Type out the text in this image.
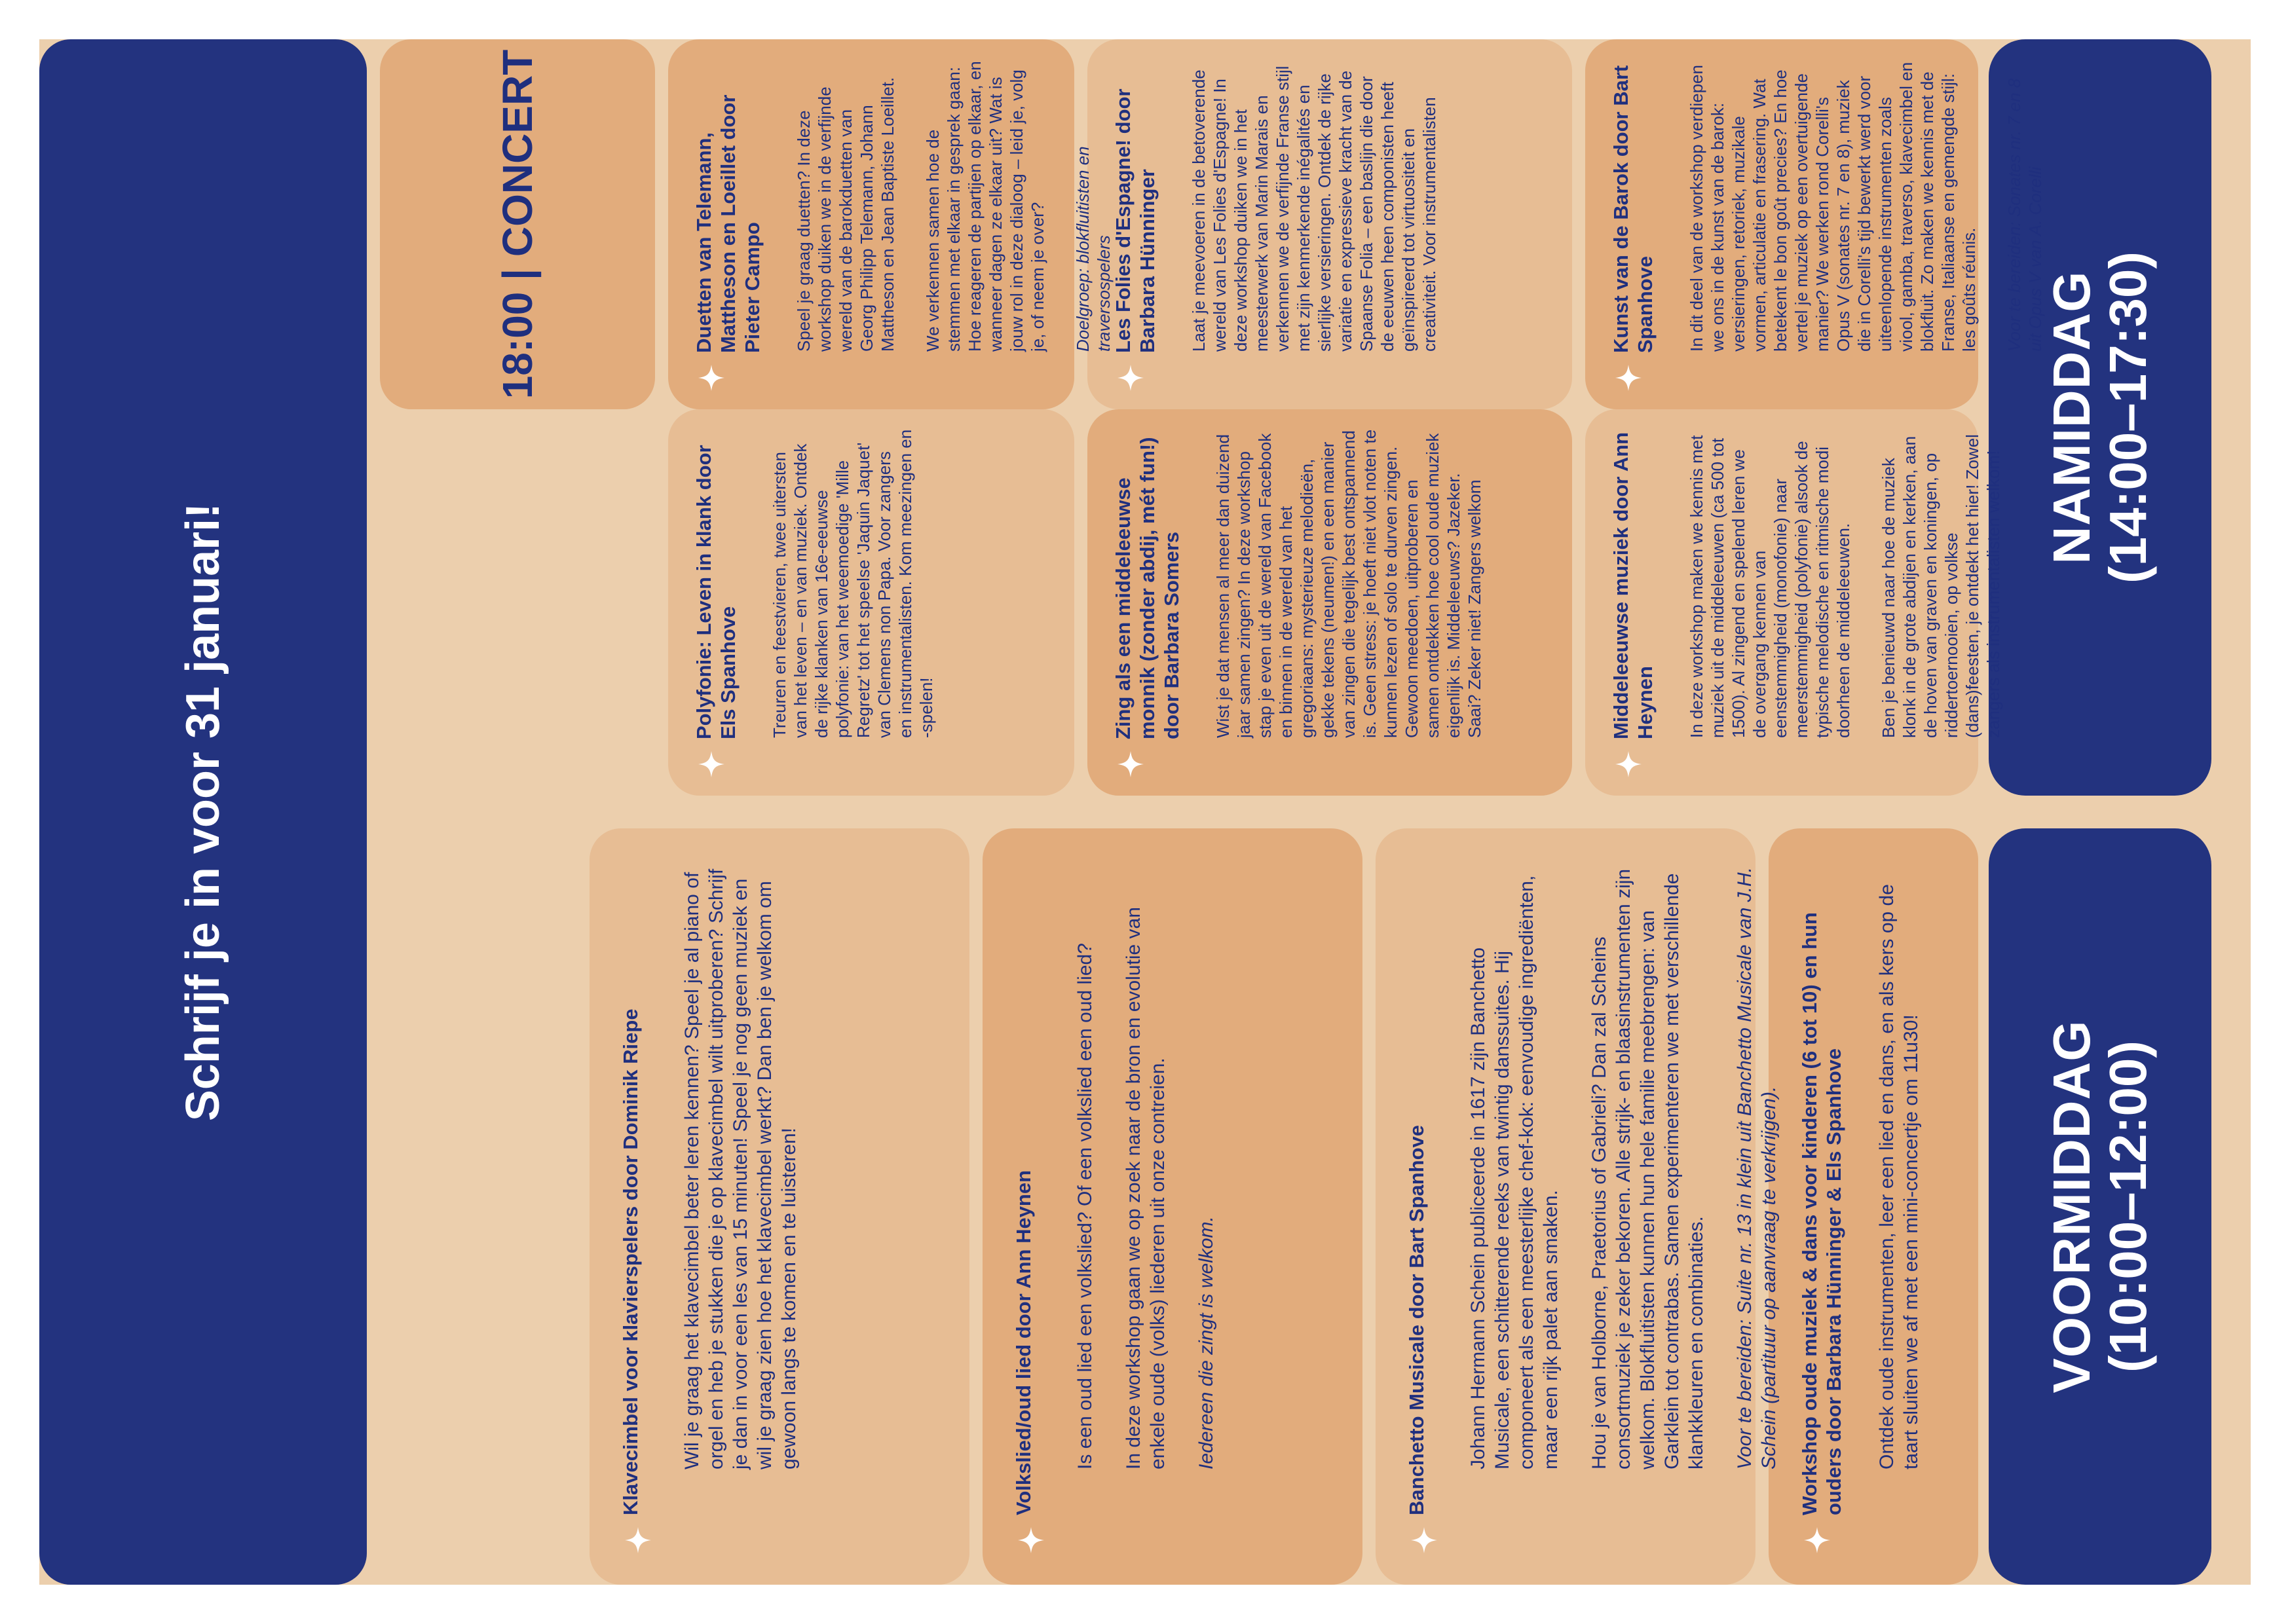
VOORMIDDAG
(10:00–12:00)
Workshop oude muziek & dans voor kinderen (6 tot 10) en hun ouders door Barbara Hünninger & Els Spanhove Ontdek oude instrumenten, leer een lied en dans, en als kers op de taart sluiten we af met een mini-concertje om 11u30!

Banchetto Musicale door Bart Spanhove Johann Hermann Schein publiceerde in 1617 zijn Banchetto Musicale, een schitterende reeks van twintig danssuites. Hij componeert als een meesterlijke chef-kok: eenvoudige ingrediënten, maar een rijk palet aan smaken. Hou je van Holborne, Praetorius of Gabrieli? Dan zal Scheins consortmuziek je zeker bekoren. Alle strijk- en blaasinstrumenten zijn welkom. Blokfluitisten kunnen hun hele familie meebrengen: van Garklein tot contrabas. Samen experimenteren we met verschillende klankkleuren en combinaties. Voor te bereiden: Suite nr. 13 in klein uit Banchetto Musicale van J.H. Schein (partituur op aanvraag te verkrijgen).

Volkslied/oud lied door Ann Heynen Is een oud lied een volkslied? Of een volkslied een oud lied? In deze workshop gaan we op zoek naar de bron en evolutie van enkele oude (volks) liederen uit onze contreien. Iedereen die zingt is welkom.

Klavecimbel voor klavierspelers door Dominik Riepe Wil je graag het klavecimbel beter leren kennen? Speel je al piano of orgel en heb je stukken die je op klavecimbel wilt uitproberen? Schrijf je dan in voor een les van 15 minuten! Speel je nog geen muziek en wil je graag zien hoe het klavecimbel werkt? Dan ben je welkom om gewoon langs te komen en te luisteren!

NAMIDDAG
(14:00–17:30)
Middeleeuwse muziek door Ann Heynen In deze workshop maken we kennis met muziek uit de middeleeuwen (ca 500 tot 1500). Al zingend en spelend leren we de overgang kennen van eenstemmigheid (monofonie) naar meerstemmigheid (polyfonie) alsook de typische melodische en ritmische modi doorheen de middeleeuwen. Ben je benieuwd naar hoe de muziek klonk in de grote abdijen en kerken, aan de hoven van graven en koningen, op riddertoernooien, op volkse (dans)feesten, je ontdekt het hier! Zowel zangers als instrumentalisten welkom!

Kunst van de Barok door Bart Spanhove In dit deel van de workshop verdiepen we ons in de kunst van de barok: versieringen, retoriek, muzikale vormen, articulatie en frasering. Wat betekent le bon goût precies? En hoe vertel je muziek op een overtuigende manier? We werken rond Corelli's Opus V (sonates nr. 7 en 8), muziek die in Corelli's tijd bewerkt werd voor uiteenlopende instrumenten zoals viool, gamba, traverso, klavecimbel en blokfluit. Zo maken we kennis met de Franse, Italiaanse en gemengde stijl: les goûts réunis. Voor te bereiden: Sonates nr. 7 en 8 uit Opus V van A. Corelli

Zing als een middeleeuwse monnik (zonder abdij, mét fun!) door Barbara Somers Wist je dat mensen al meer dan duizend jaar samen zingen? In deze workshop stap je even uit de wereld van Facebook en binnen in de wereld van het gregoriaans: mysterieuze melodieën, gekke tekens (neumen!) en een manier van zingen die tegelijk best ontspannend is. Geen stress: je hoeft niet vlot noten te kunnen lezen of solo te durven zingen. Gewoon meedoen, uitproberen en samen ontdekken hoe cool oude muziek eigenlijk is. Middeleeuws? Jazeker. Saai? Zeker niet! Zangers welkom

Les Folies d'Espagne! door Barbara Hünninger Laat je meevoeren in de betoverende wereld van Les Folies d'Espagne! In deze workshop duiken we in het meesterwerk van Marin Marais en verkennen we de verfijnde Franse stijl met zijn kenmerkende inégalités en sierlijke versieringen. Ontdek de rijke variatie en expressieve kracht van de Spaanse Folia – een baslijn die door de eeuwen heen componisten heeft geïnspireerd tot virtuositeit en creativiteit. Voor instrumentalisten

Polyfonie: Leven in klank door Els Spanhove Treuren en feestvieren, twee uitersten van het leven – en van muziek. Ontdek de rijke klanken van 16e-eeuwse polyfonie: van het weemoedige 'Mille Regretz' tot het speelse 'Jaquin Jaquet' van Clemens non Papa. Voor zangers en instrumentalisten. Kom meezingen en -spelen!

Duetten van Telemann, Mattheson en Loeillet door Pieter Campo Speel je graag duetten? In deze workshop duiken we in de verfijnde wereld van de barokduetten van Georg Philipp Telemann, Johann Mattheson en Jean Baptiste Loeillet. We verkennen samen hoe de stemmen met elkaar in gesprek gaan: Hoe reageren de partijen op elkaar, en wanneer dagen ze elkaar uit? Wat is jouw rol in deze dialoog – leid je, volg je, of neem je over? Doelgroep: blokfluitisten en traversospelers

18:00 | CONCERT
Schrijf je in voor 31 januari!
